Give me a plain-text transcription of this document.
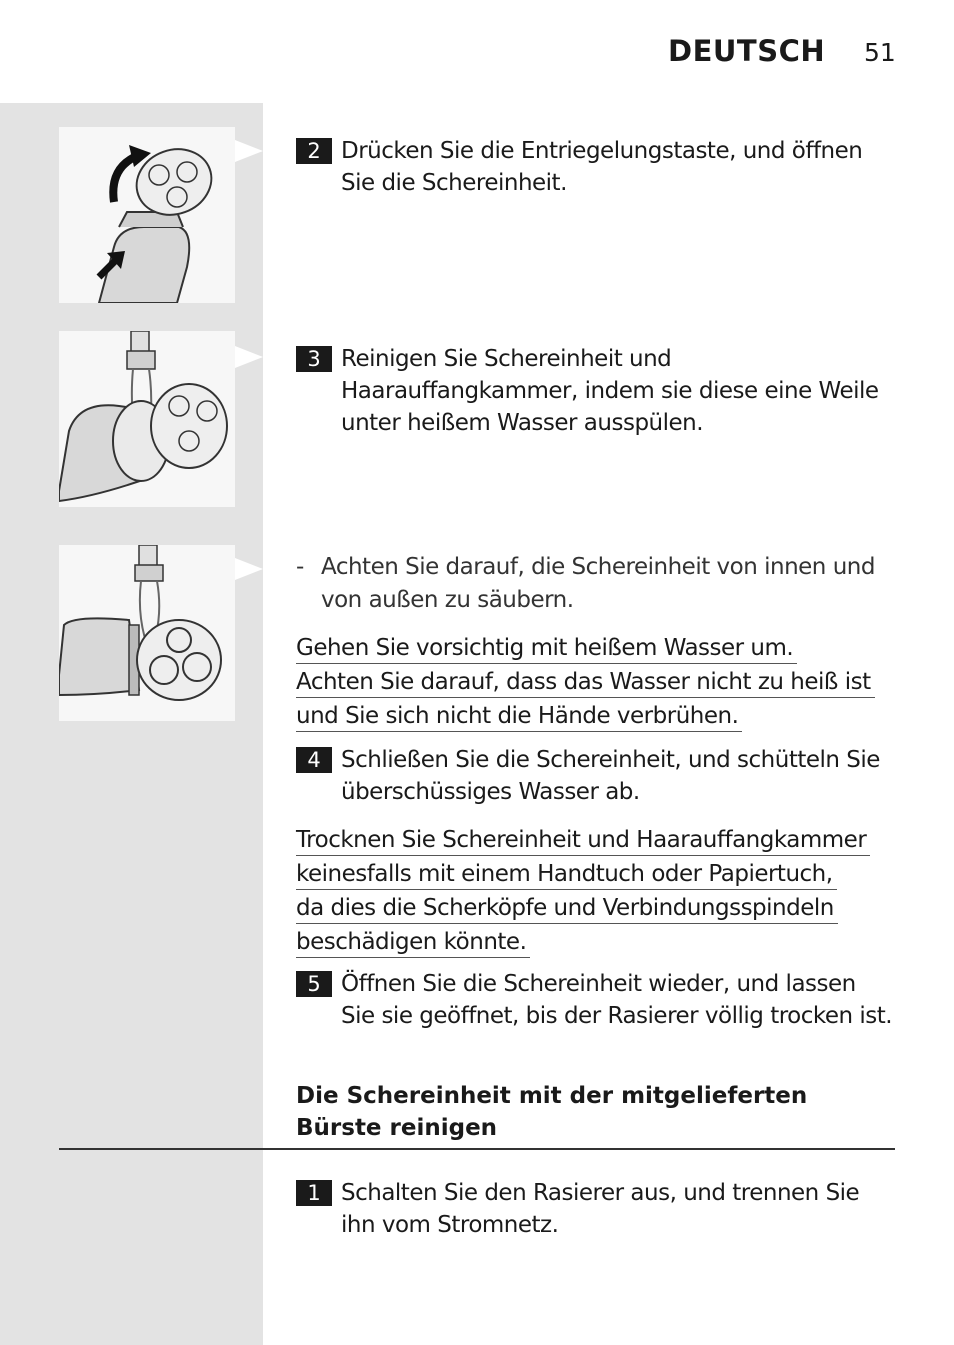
DEUTSCH 51
2 Drücken Sie die Entriegelungstaste, und öffnen Sie die Schereinheit.
3 Reinigen Sie Schereinheit und Haarauffangkammer, indem sie diese eine Weile unter heißem Wasser ausspülen.
- Achten Sie darauf, die Schereinheit von innen und von außen zu säubern.
Gehen Sie vorsichtig mit heißem Wasser um.
Achten Sie darauf, dass das Wasser nicht zu heiß ist
und Sie sich nicht die Hände verbrühen.
4 Schließen Sie die Schereinheit, und schütteln Sie überschüssiges Wasser ab.
Trocknen Sie Schereinheit und Haarauffangkammer
keinesfalls mit einem Handtuch oder Papiertuch,
da dies die Scherköpfe und Verbindungsspindeln
beschädigen könnte.
5 Öffnen Sie die Schereinheit wieder, und lassen Sie sie geöffnet, bis der Rasierer völlig trocken ist.
Die Schereinheit mit der mitgelieferten Bürste reinigen
1 Schalten Sie den Rasierer aus, und trennen Sie ihn vom Stromnetz.
